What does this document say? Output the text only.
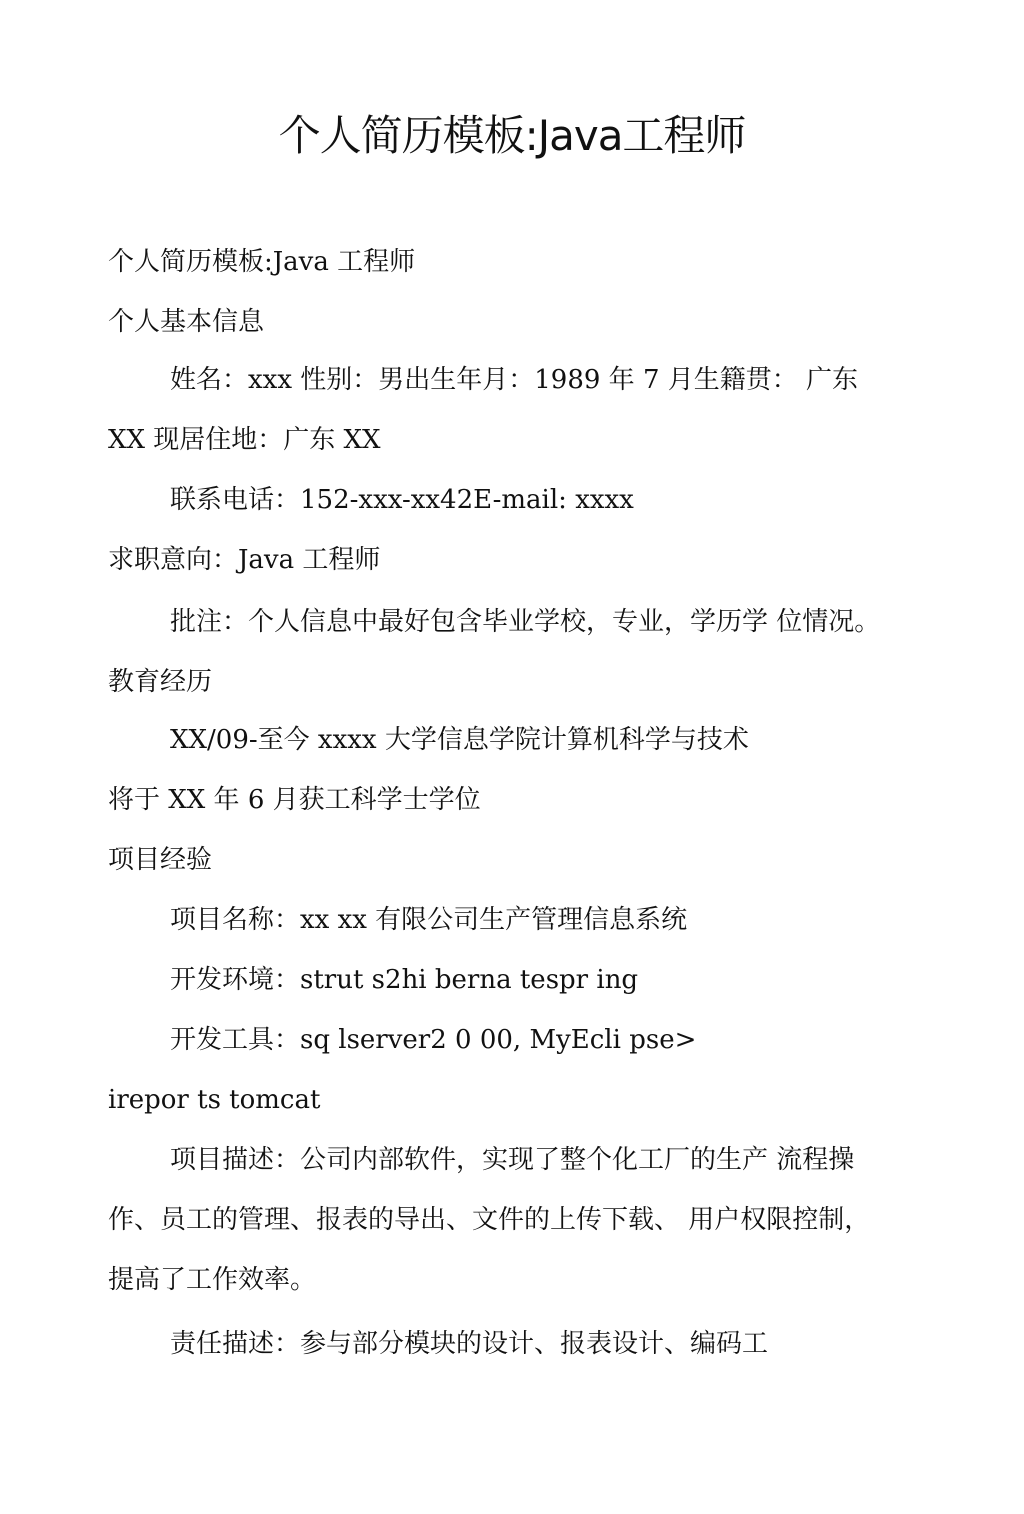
个人简历模板:Java工程师

个人简历模板:Java 工程师

个人基本信息

姓名：xxx 性别：男出生年月：1989 年 7 月生籍贯： 广东

XX 现居住地：广东 XX

联系电话：152-xxx-xx42E-mail: xxxx

求职意向：Java 工程师

批注：个人信息中最好包含毕业学校，专业，学历学 位情况。

教育经历

XX/09-至今 xxxx 大学信息学院计算机科学与技术

将于 XX 年 6 月获工科学士学位

项目经验

项目名称：xx xx 有限公司生产管理信息系统

开发环境：strut s2hi berna tespr ing

开发工具：sq lserver2 0 00, MyEcli pse>

irepor ts tomcat

项目描述：公司内部软件，实现了整个化工厂的生产 流程操

作、员工的管理、报表的导出、文件的上传下载、 用户权限控制，

提高了工作效率。

责任描述：参与部分模块的设计、报表设计、编码工
